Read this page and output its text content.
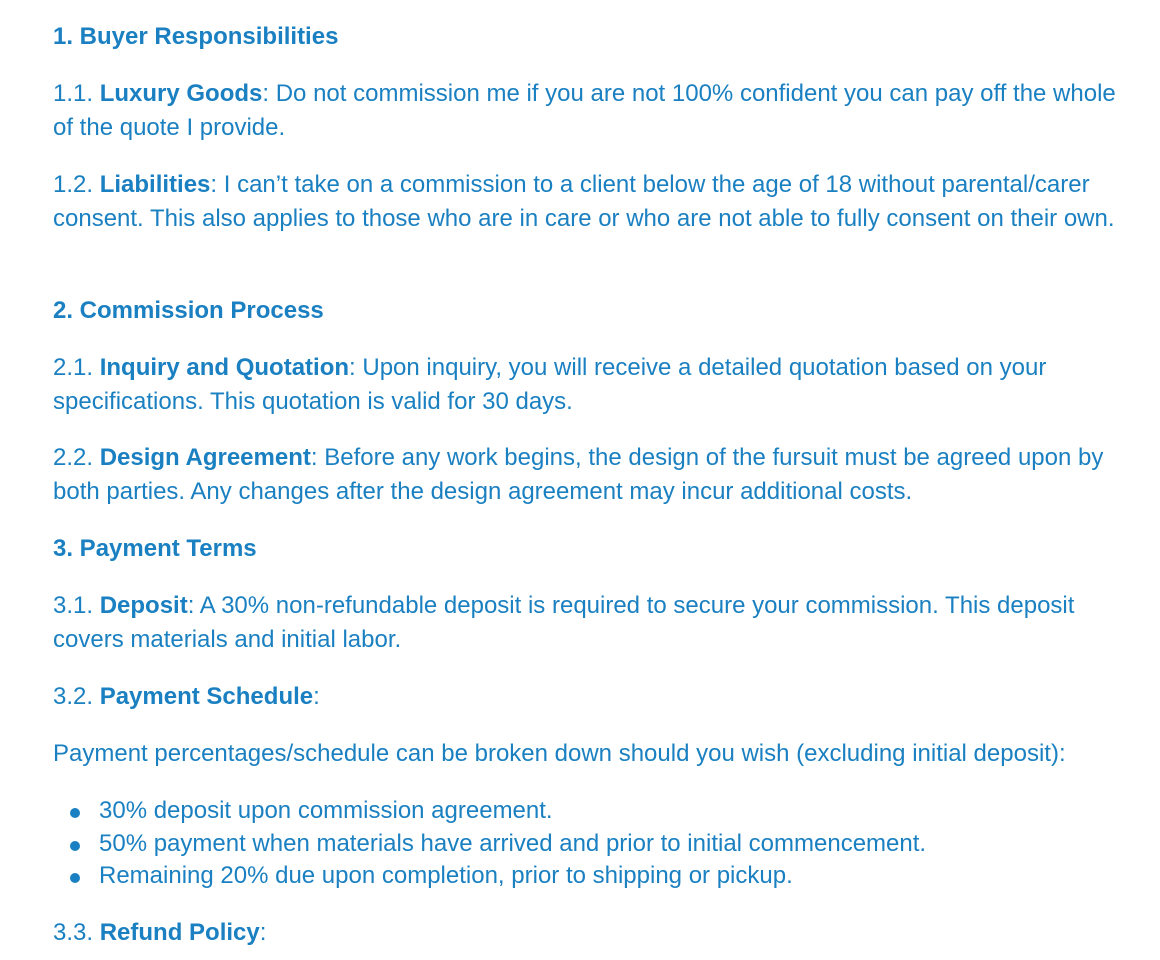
1. Buyer Responsibilities

1.1. Luxury Goods: Do not commission me if you are not 100% confident you can pay off the whole of the quote I provide.

1.2. Liabilities: I can’t take on a commission to a client below the age of 18 without parental/carer consent. This also applies to those who are in care or who are not able to fully consent on their own.

2. Commission Process

2.1. Inquiry and Quotation: Upon inquiry, you will receive a detailed quotation based on your specifications. This quotation is valid for 30 days.

2.2. Design Agreement: Before any work begins, the design of the fursuit must be agreed upon by both parties. Any changes after the design agreement may incur additional costs.

3. Payment Terms

3.1. Deposit: A 30% non-refundable deposit is required to secure your commission. This deposit covers materials and initial labor.

3.2. Payment Schedule:

Payment percentages/schedule can be broken down should you wish (excluding initial deposit):

30% deposit upon commission agreement.
50% payment when materials have arrived and prior to initial commencement.
Remaining 20% due upon completion, prior to shipping or pickup.

3.3. Refund Policy:
